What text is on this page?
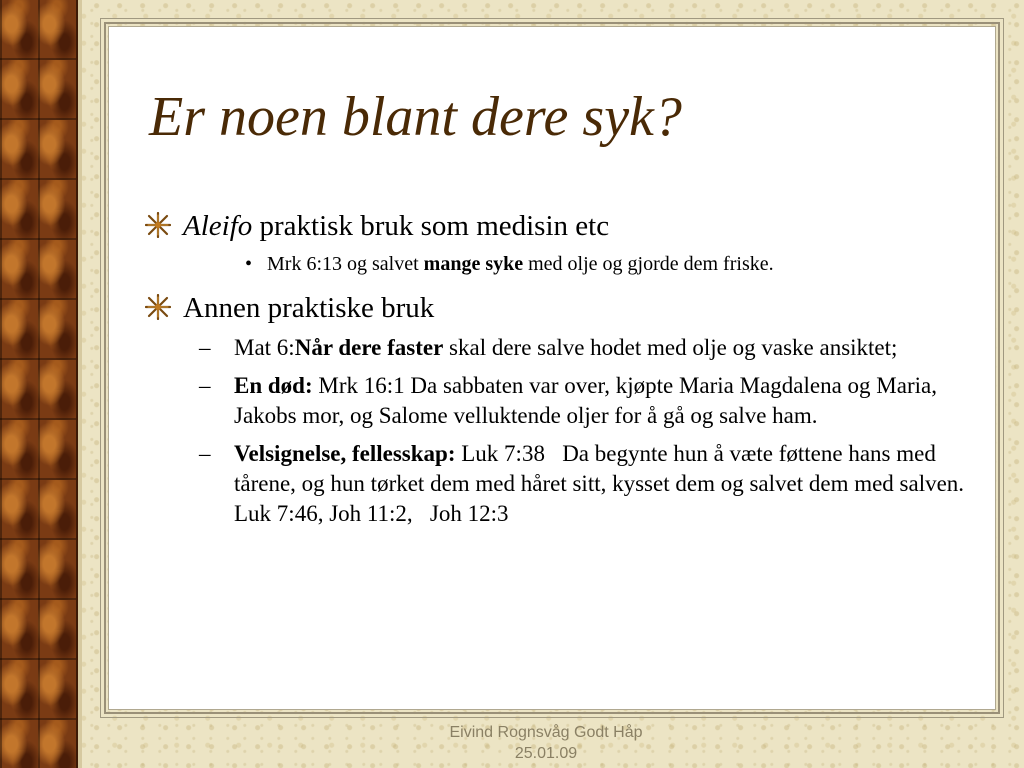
Er noen blant dere syk?
Aleifo praktisk bruk som medisin etc
• Mrk 6:13 og salvet mange syke med olje og gjorde dem friske.
Annen praktiske bruk
–	Mat 6:Når dere faster skal dere salve hodet med olje og vaske ansiktet;
–	En død: Mrk 16:1 Da sabbaten var over, kjøpte Maria Magdalena og Maria, Jakobs mor, og Salome velluktende oljer for å gå og salve ham.
–	Velsignelse, fellesskap: Luk 7:38   Da begynte hun å væte føttene hans med tårene, og hun tørket dem med håret sitt, kysset dem og salvet dem med salven. Luk 7:46, Joh 11:2,   Joh 12:3
Eivind Rognsvåg Godt Håp
25.01.09
